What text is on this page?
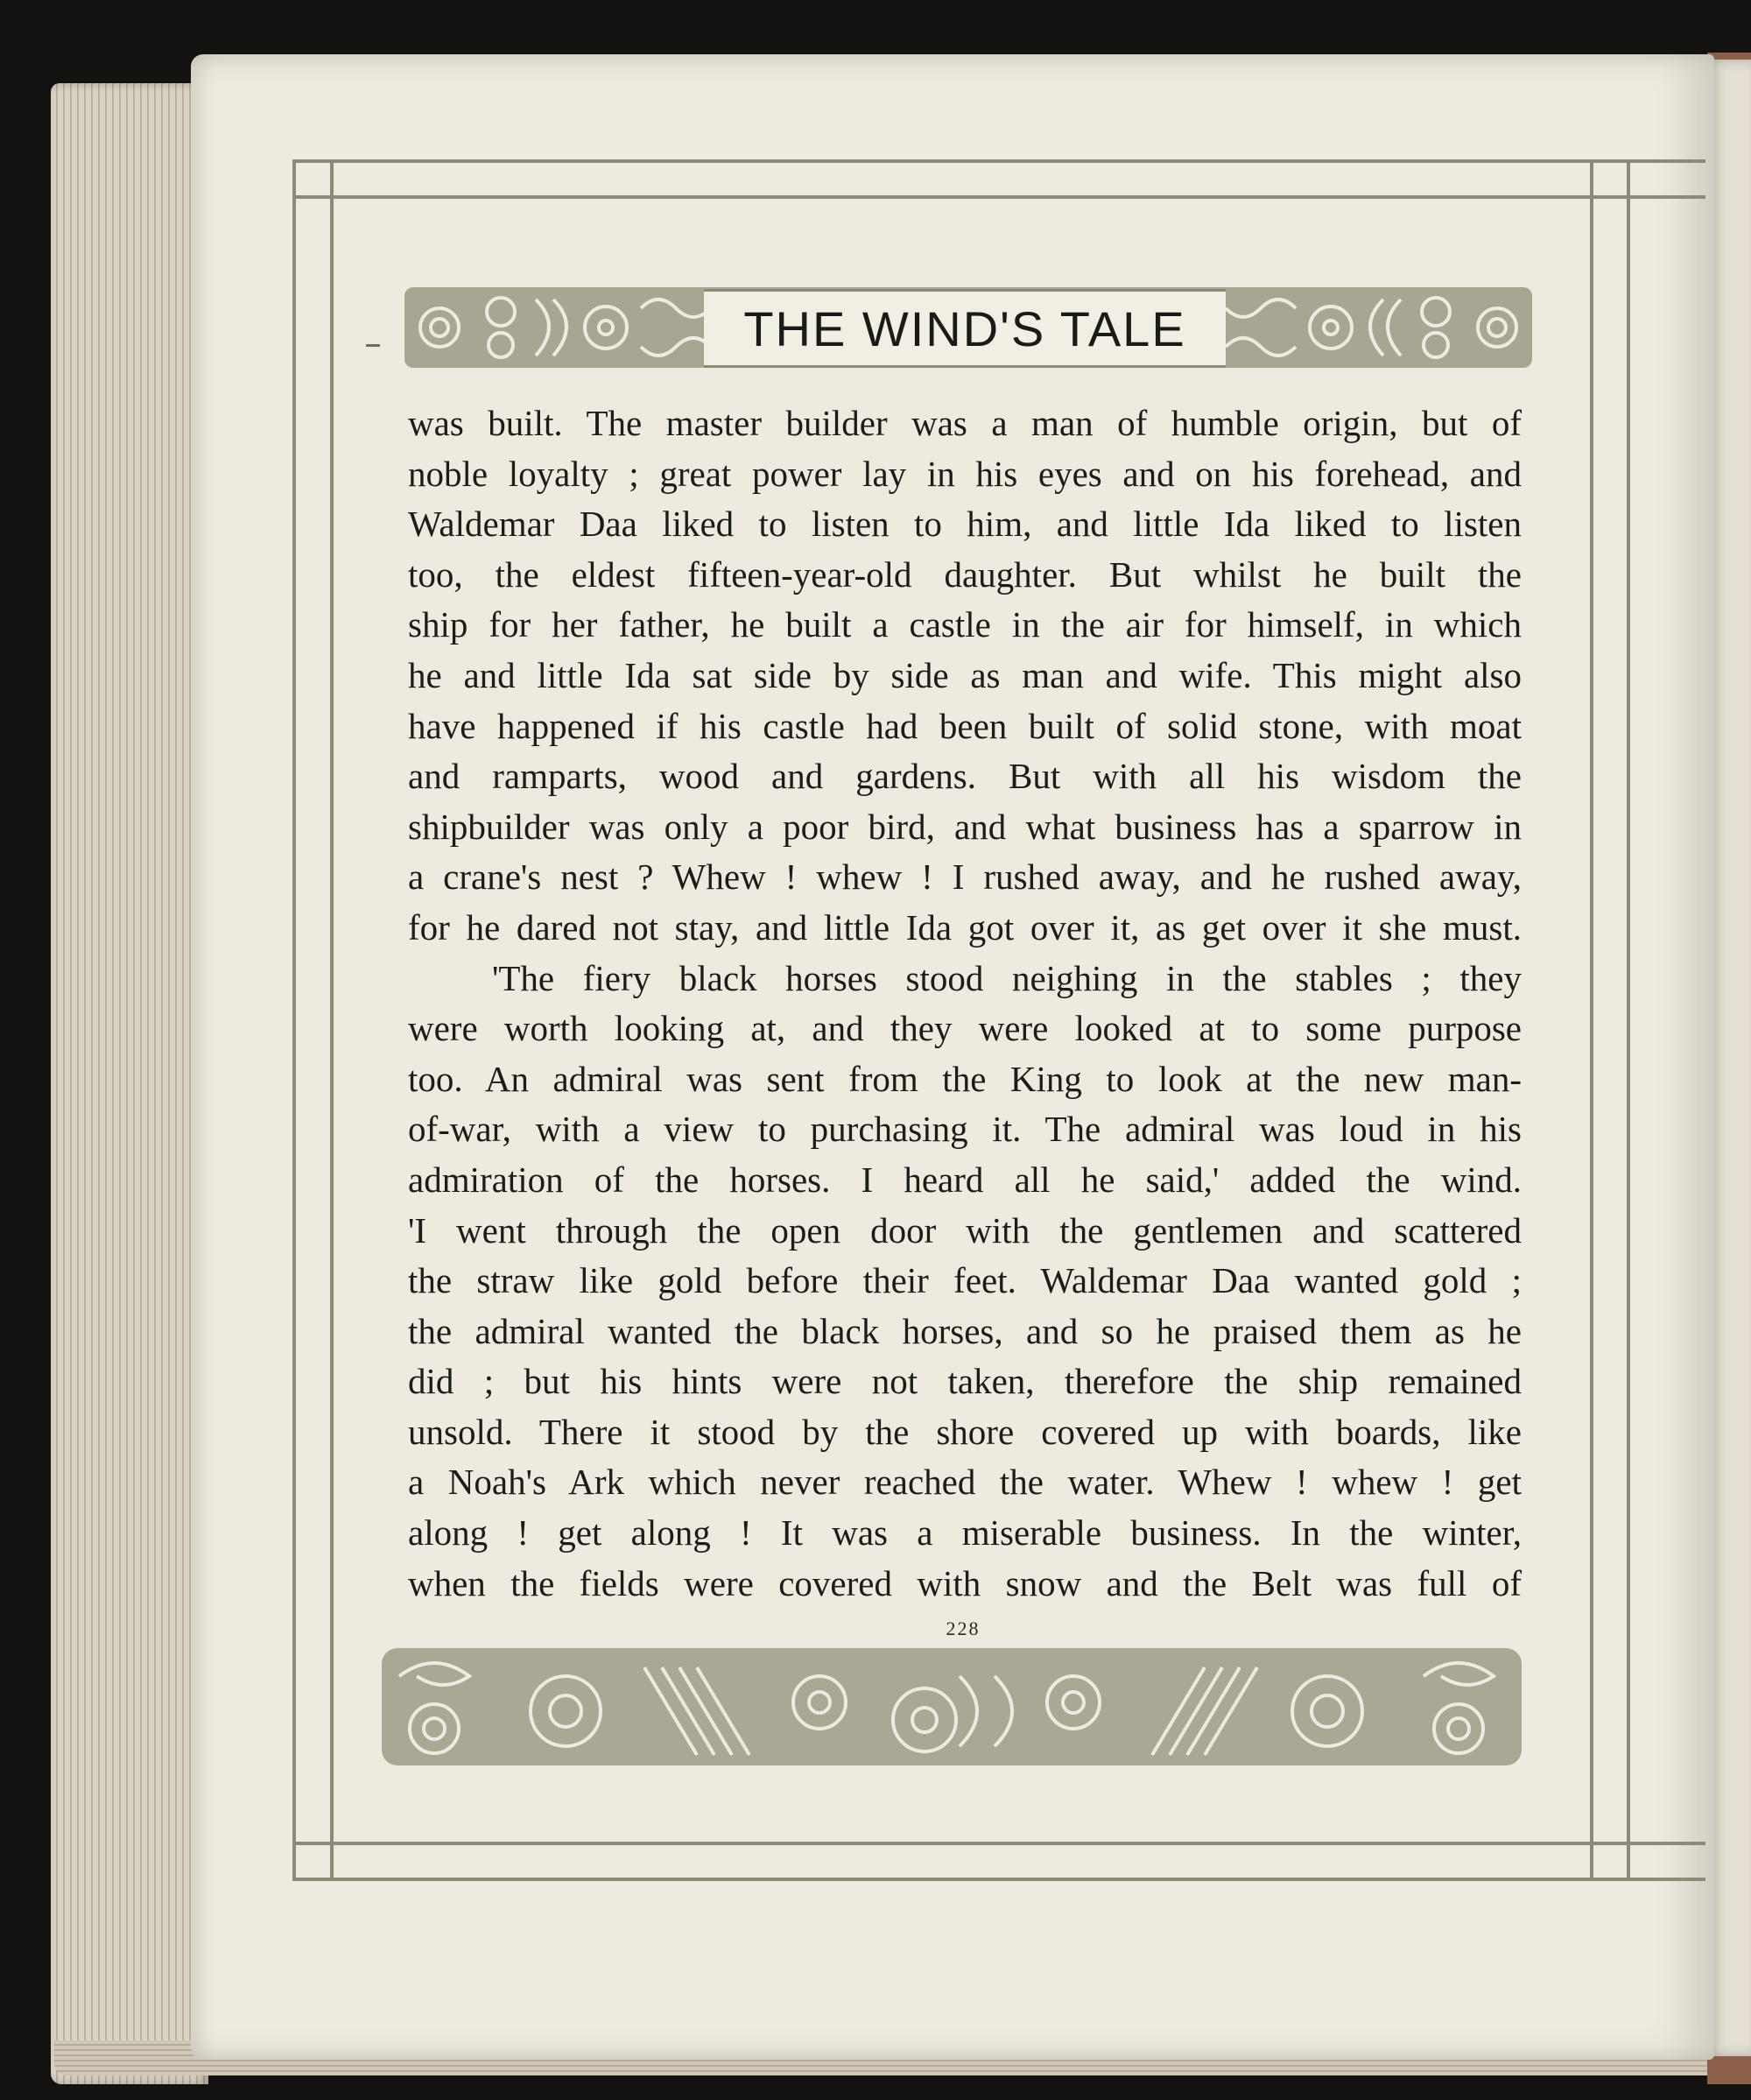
THE WIND'S TALE
was built. The master builder was a man of humble origin, but of
noble loyalty ; great power lay in his eyes and on his forehead, and
Waldemar Daa liked to listen to him, and little Ida liked to listen
too, the eldest fifteen-year-old daughter. But whilst he built the
ship for her father, he built a castle in the air for himself, in which
he and little Ida sat side by side as man and wife. This might also
have happened if his castle had been built of solid stone, with moat
and ramparts, wood and gardens. But with all his wisdom the
shipbuilder was only a poor bird, and what business has a sparrow in
a crane's nest ? Whew ! whew ! I rushed away, and he rushed away,
for he dared not stay, and little Ida got over it, as get over it she must.
'The fiery black horses stood neighing in the stables ; they
were worth looking at, and they were looked at to some purpose
too. An admiral was sent from the King to look at the new man-
of-war, with a view to purchasing it. The admiral was loud in his
admiration of the horses. I heard all he said,' added the wind.
'I went through the open door with the gentlemen and scattered
the straw like gold before their feet. Waldemar Daa wanted gold ;
the admiral wanted the black horses, and so he praised them as he
did ; but his hints were not taken, therefore the ship remained
unsold. There it stood by the shore covered up with boards, like
a Noah's Ark which never reached the water. Whew ! whew ! get
along ! get along ! It was a miserable business. In the winter,
when the fields were covered with snow and the Belt was full of
228
